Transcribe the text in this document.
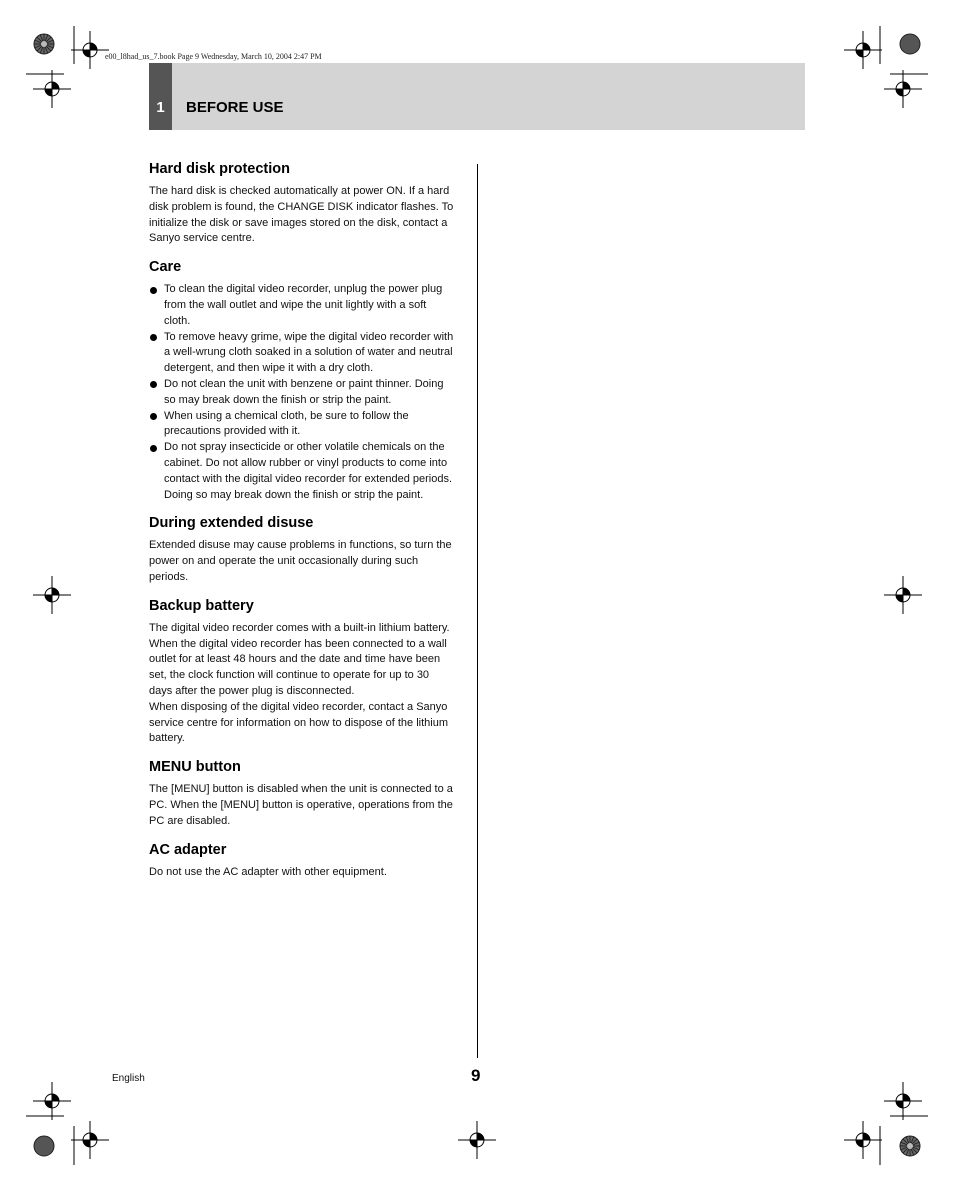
e00_l8had_us_7.book Page 9 Wednesday, March 10, 2004 2:47 PM
1	BEFORE USE
Hard disk protection

The hard disk is checked automatically at power ON. If a hard disk problem is found, the CHANGE DISK indicator flashes. To initialize the disk or save images stored on the disk, contact a Sanyo service centre.

Care
To clean the digital video recorder, unplug the power plug from the wall outlet and wipe the unit lightly with a soft cloth.
To remove heavy grime, wipe the digital video recorder with a well-wrung cloth soaked in a solution of water and neutral detergent, and then wipe it with a dry cloth.
Do not clean the unit with benzene or paint thinner. Doing so may break down the finish or strip the paint.
When using a chemical cloth, be sure to follow the precautions provided with it.
Do not spray insecticide or other volatile chemicals on the cabinet. Do not allow rubber or vinyl products to come into contact with the digital video recorder for extended periods.
Doing so may break down the finish or strip the paint.
During extended disuse

Extended disuse may cause problems in functions, so turn the power on and operate the unit occasionally during such periods.

Backup battery

The digital video recorder comes with a built-in lithium battery. When the digital video recorder has been connected to a wall outlet for at least 48 hours and the date and time have been set, the clock function will continue to operate for up to 30 days after the power plug is disconnected.

When disposing of the digital video recorder, contact a Sanyo service centre for information on how to dispose of the lithium battery.

MENU button

The [MENU] button is disabled when the unit is connected to a PC. When the [MENU] button is operative, operations from the PC are disabled.

AC adapter

Do not use the AC adapter with other equipment.

English	9
